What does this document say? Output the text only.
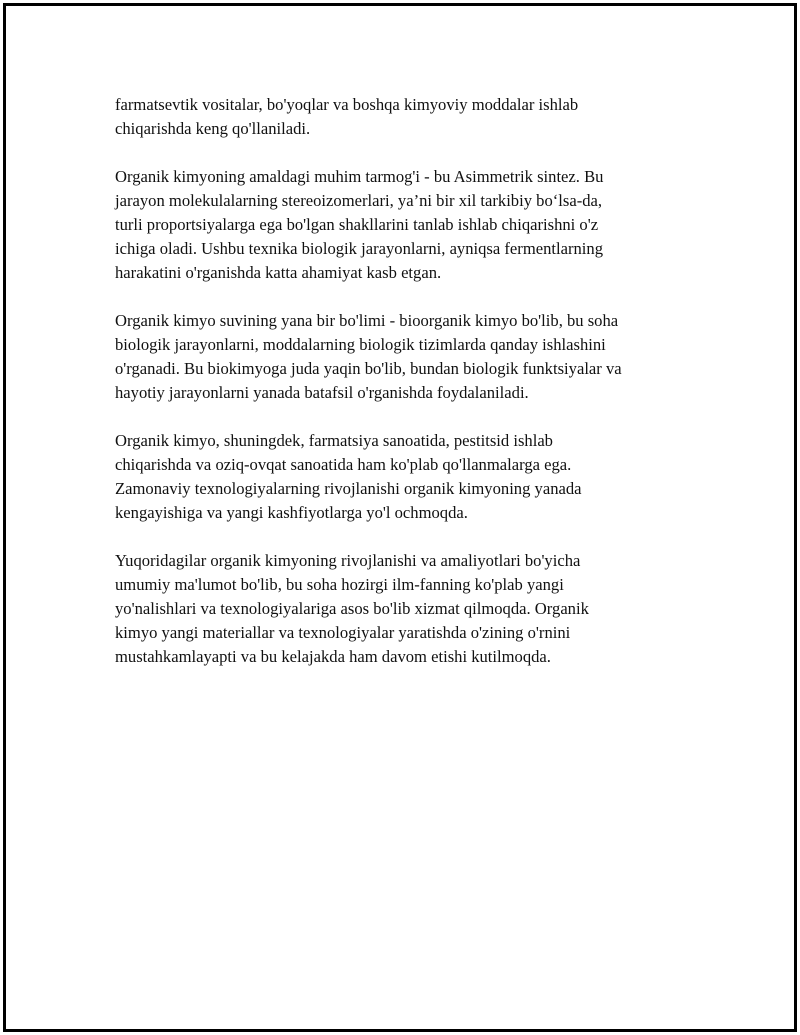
farmatsevtik vositalar, bo'yoqlar va boshqa kimyoviy moddalar ishlab
chiqarishda keng qo'llaniladi.

Organik kimyoning amaldagi muhim tarmog'i - bu Asimmetrik sintez. Bu
jarayon molekulalarning stereoizomerlari, ya’ni bir xil tarkibiy bo‘lsa-da,
turli proportsiyalarga ega bo'lgan shakllarini tanlab ishlab chiqarishni o'z
ichiga oladi. Ushbu texnika biologik jarayonlarni, ayniqsa fermentlarning
harakatini o'rganishda katta ahamiyat kasb etgan.

Organik kimyo suvining yana bir bo'limi - bioorganik kimyo bo'lib, bu soha
biologik jarayonlarni, moddalarning biologik tizimlarda qanday ishlashini
o'rganadi. Bu biokimyoga juda yaqin bo'lib, bundan biologik funktsiyalar va
hayotiy jarayonlarni yanada batafsil o'rganishda foydalaniladi.

Organik kimyo, shuningdek, farmatsiya sanoatida, pestitsid ishlab
chiqarishda va oziq-ovqat sanoatida ham ko'plab qo'llanmalarga ega.
Zamonaviy texnologiyalarning rivojlanishi organik kimyoning yanada
kengayishiga va yangi kashfiyotlarga yo'l ochmoqda.

Yuqoridagilar organik kimyoning rivojlanishi va amaliyotlari bo'yicha
umumiy ma'lumot bo'lib, bu soha hozirgi ilm-fanning ko'plab yangi
yo'nalishlari va texnologiyalariga asos bo'lib xizmat qilmoqda. Organik
kimyo yangi materiallar va texnologiyalar yaratishda o'zining o'rnini
mustahkamlayapti va bu kelajakda ham davom etishi kutilmoqda.
